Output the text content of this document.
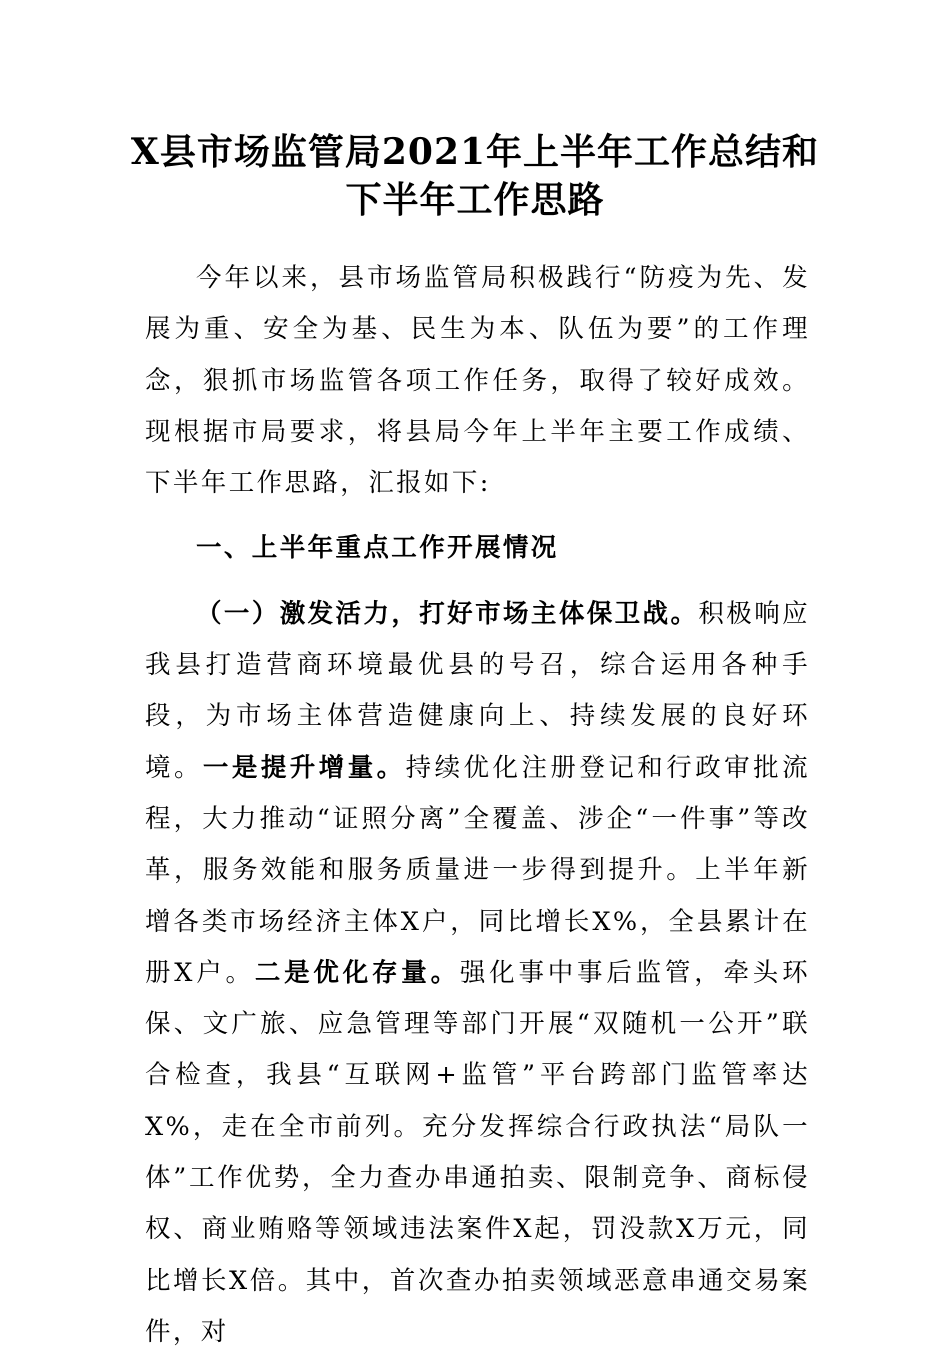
X县市场监管局2021年上半年工作总结和
下半年工作思路

今年以来，县市场监管局积极践行“防疫为先、发展为重、安全为基、民生为本、队伍为要”的工作理念，狠抓市场监管各项工作任务，取得了较好成效。现根据市局要求，将县局今年上半年主要工作成绩、下半年工作思路，汇报如下:

一、上半年重点工作开展情况

（一）激发活力，打好市场主体保卫战。积极响应我县打造营商环境最优县的号召，综合运用各种手段，为市场主体营造健康向上、持续发展的良好环境。一是提升增量。持续优化注册登记和行政审批流程，大力推动“证照分离”全覆盖、涉企“一件事”等改革，服务效能和服务质量进一步得到提升。上半年新增各类市场经济主体X户，同比增长X%，全县累计在册X户。二是优化存量。强化事中事后监管，牵头环保、文广旅、应急管理等部门开展“双随机一公开”联合检查，我县“互联网+监管”平台跨部门监管率达X%，走在全市前列。充分发挥综合行政执法“局队一体”工作优势，全力查办串通拍卖、限制竞争、商标侵权、商业贿赂等领域违法案件X起，罚没款X万元，同比增长X倍。其中，首次查办拍卖领域恶意串通交易案件，对
